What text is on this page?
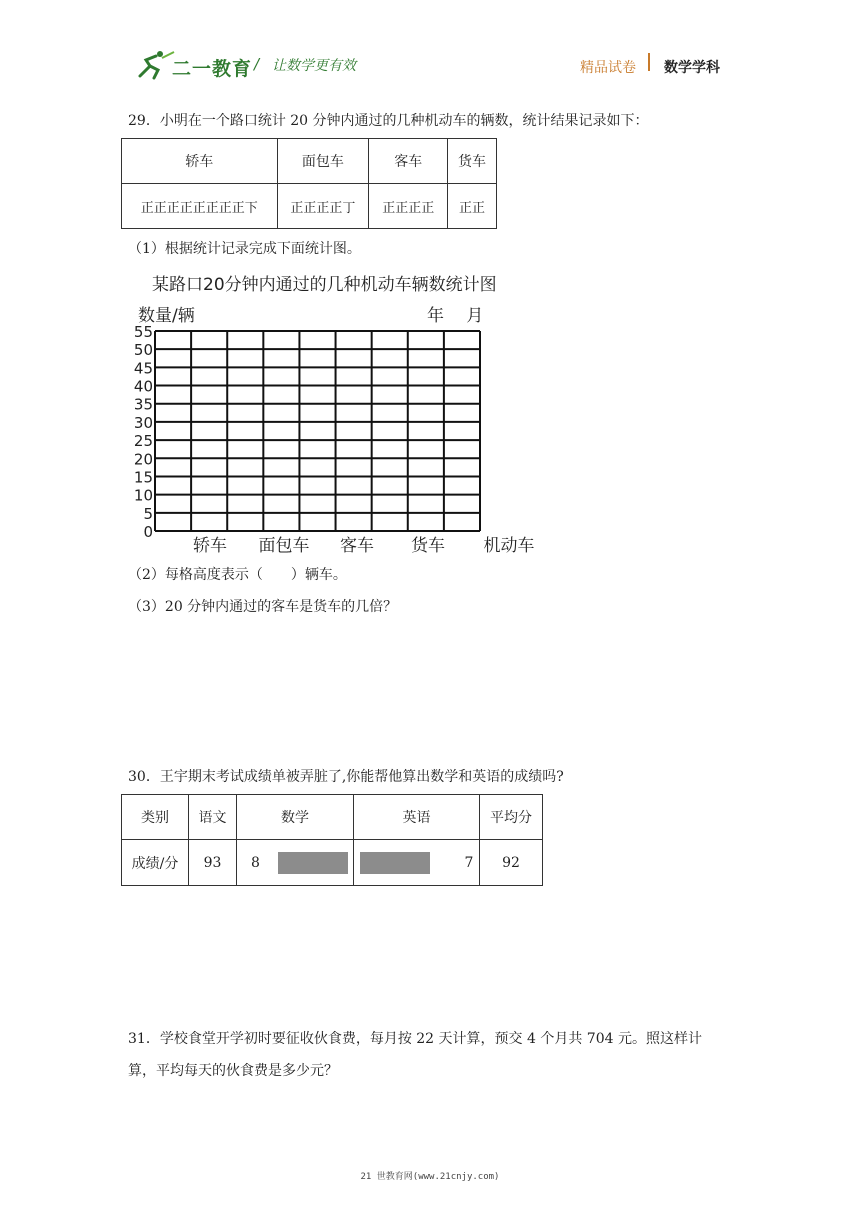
二一教育 / 让数学更有效	精品试卷 数学学科
29．小明在一个路口统计 20 分钟内通过的几种机动车的辆数，统计结果记录如下：
轿车	面包车	客车	货车
正正正正正正正正下	正正正正丁	正正正正	正正
（1）根据统计记录完成下面统计图。
某路口20分钟内通过的几种机动车辆数统计图
数量/辆	年　 月
55
50
45
40
35
30
25
20
15
10
5
0
轿车 面包车 客车 货车 机动车
（2）每格高度表示（　　）辆车。
（3）20 分钟内通过的客车是货车的几倍？
30．王宇期末考试成绩单被弄脏了,你能帮他算出数学和英语的成绩吗?
类别	语文	数学	英语	平均分
成绩/分	93	8	7	92
31．学校食堂开学初时要征收伙食费，每月按 22 天计算，预交 4 个月共 704 元。照这样计
算，平均每天的伙食费是多少元？
21 世教育网(www.21cnjy.com)
